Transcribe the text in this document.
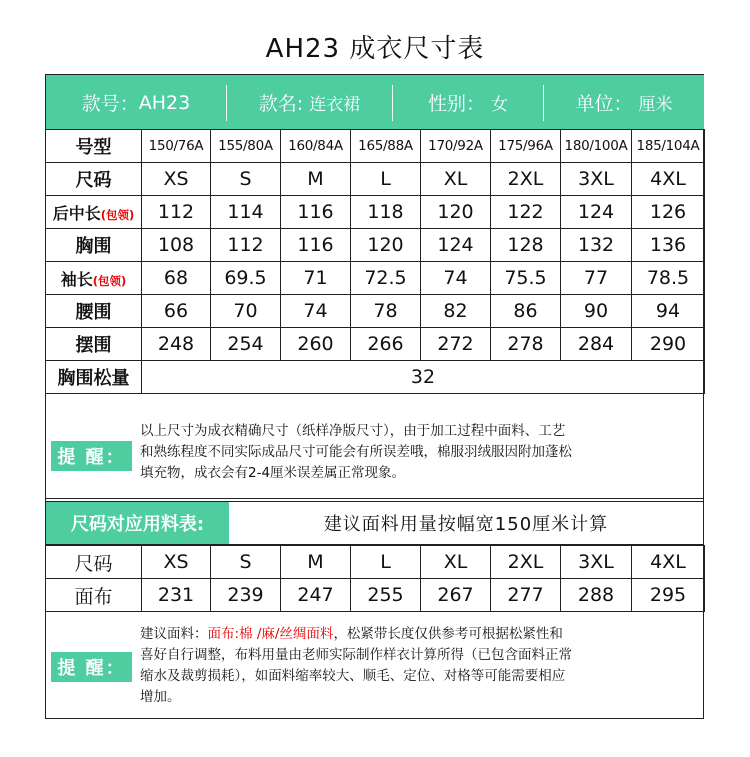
AH23 成衣尺寸表
款号： AH23	款名: 连衣裙	性别： 女	单位： 厘米
号型	150/76A	155/80A	160/84A	165/88A	170/92A	175/96A	180/100A	185/104A
尺码	XS	S	M	L	XL	2XL	3XL	4XL
后中长(包领)	112	114	116	118	120	122	124	126
胸围	108	112	116	120	124	128	132	136
袖长(包领)	68	69.5	71	72.5	74	75.5	77	78.5
腰围	66	70	74	78	82	86	90	94
摆围	248	254	260	266	272	278	284	290
胸围松量	32							
提 醒：
以上尺寸为成衣精确尺寸（纸样净版尺寸），由于加工过程中面料、工艺
和熟练程度不同实际成品尺寸可能会有所误差哦，棉服羽绒服因附加蓬松
填充物，成衣会有2-4厘米误差属正常现象。
尺码对应用料表:	建议面料用量按幅宽150厘米计算
尺码	XS	S	M	L	XL	2XL	3XL	4XL
面布	231	239	247	255	267	277	288	295
提 醒：
建议面料：面布:棉 /麻/丝绸面料，松紧带长度仅供参考可根据松紧性和
喜好自行调整，布料用量由老师实际制作样衣计算所得（已包含面料正常
缩水及裁剪损耗），如面料缩率较大、顺毛、定位、对格等可能需要相应
增加。
